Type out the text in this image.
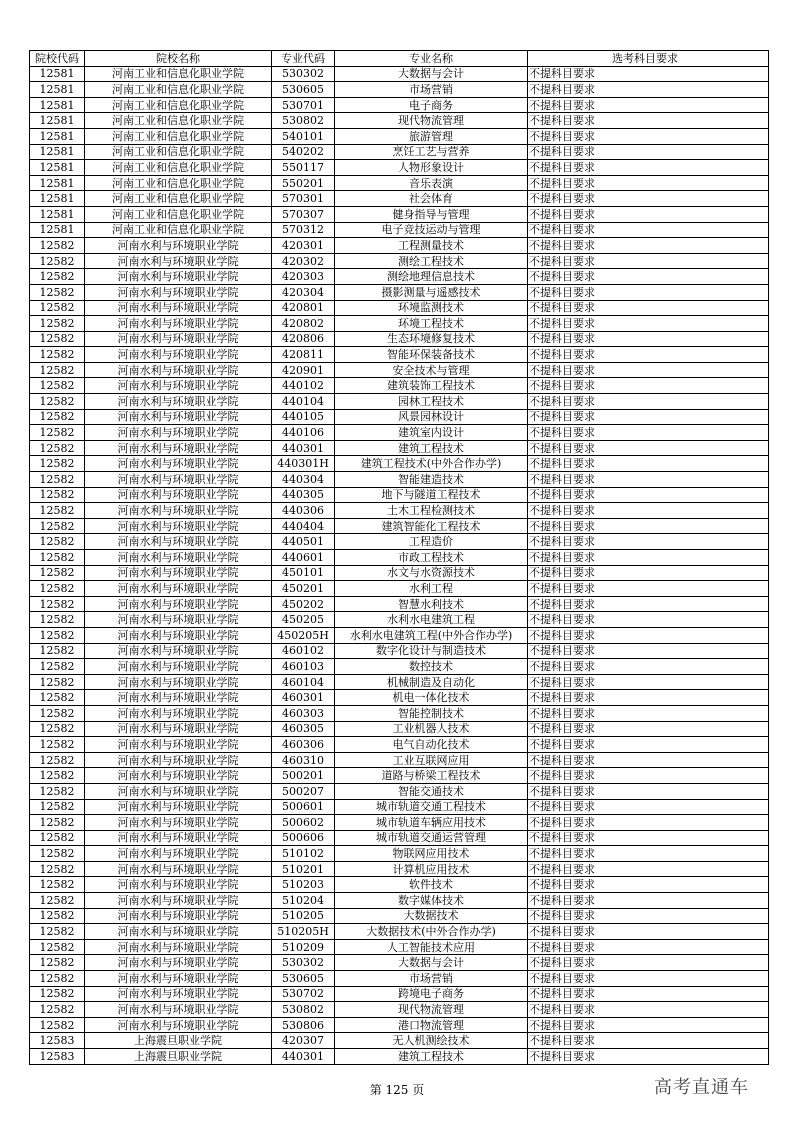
院校代码	院校名称	专业代码	专业名称	选考科目要求
12581	河南工业和信息化职业学院	530302	大数据与会计	不提科目要求
12581	河南工业和信息化职业学院	530605	市场营销	不提科目要求
12581	河南工业和信息化职业学院	530701	电子商务	不提科目要求
12581	河南工业和信息化职业学院	530802	现代物流管理	不提科目要求
12581	河南工业和信息化职业学院	540101	旅游管理	不提科目要求
12581	河南工业和信息化职业学院	540202	烹饪工艺与营养	不提科目要求
12581	河南工业和信息化职业学院	550117	人物形象设计	不提科目要求
12581	河南工业和信息化职业学院	550201	音乐表演	不提科目要求
12581	河南工业和信息化职业学院	570301	社会体育	不提科目要求
12581	河南工业和信息化职业学院	570307	健身指导与管理	不提科目要求
12581	河南工业和信息化职业学院	570312	电子竞技运动与管理	不提科目要求
12582	河南水利与环境职业学院	420301	工程测量技术	不提科目要求
12582	河南水利与环境职业学院	420302	测绘工程技术	不提科目要求
12582	河南水利与环境职业学院	420303	测绘地理信息技术	不提科目要求
12582	河南水利与环境职业学院	420304	摄影测量与遥感技术	不提科目要求
12582	河南水利与环境职业学院	420801	环境监测技术	不提科目要求
12582	河南水利与环境职业学院	420802	环境工程技术	不提科目要求
12582	河南水利与环境职业学院	420806	生态环境修复技术	不提科目要求
12582	河南水利与环境职业学院	420811	智能环保装备技术	不提科目要求
12582	河南水利与环境职业学院	420901	安全技术与管理	不提科目要求
12582	河南水利与环境职业学院	440102	建筑装饰工程技术	不提科目要求
12582	河南水利与环境职业学院	440104	园林工程技术	不提科目要求
12582	河南水利与环境职业学院	440105	风景园林设计	不提科目要求
12582	河南水利与环境职业学院	440106	建筑室内设计	不提科目要求
12582	河南水利与环境职业学院	440301	建筑工程技术	不提科目要求
12582	河南水利与环境职业学院	440301H	建筑工程技术(中外合作办学)	不提科目要求
12582	河南水利与环境职业学院	440304	智能建造技术	不提科目要求
12582	河南水利与环境职业学院	440305	地下与隧道工程技术	不提科目要求
12582	河南水利与环境职业学院	440306	土木工程检测技术	不提科目要求
12582	河南水利与环境职业学院	440404	建筑智能化工程技术	不提科目要求
12582	河南水利与环境职业学院	440501	工程造价	不提科目要求
12582	河南水利与环境职业学院	440601	市政工程技术	不提科目要求
12582	河南水利与环境职业学院	450101	水文与水资源技术	不提科目要求
12582	河南水利与环境职业学院	450201	水利工程	不提科目要求
12582	河南水利与环境职业学院	450202	智慧水利技术	不提科目要求
12582	河南水利与环境职业学院	450205	水利水电建筑工程	不提科目要求
12582	河南水利与环境职业学院	450205H	水利水电建筑工程(中外合作办学)	不提科目要求
12582	河南水利与环境职业学院	460102	数字化设计与制造技术	不提科目要求
12582	河南水利与环境职业学院	460103	数控技术	不提科目要求
12582	河南水利与环境职业学院	460104	机械制造及自动化	不提科目要求
12582	河南水利与环境职业学院	460301	机电一体化技术	不提科目要求
12582	河南水利与环境职业学院	460303	智能控制技术	不提科目要求
12582	河南水利与环境职业学院	460305	工业机器人技术	不提科目要求
12582	河南水利与环境职业学院	460306	电气自动化技术	不提科目要求
12582	河南水利与环境职业学院	460310	工业互联网应用	不提科目要求
12582	河南水利与环境职业学院	500201	道路与桥梁工程技术	不提科目要求
12582	河南水利与环境职业学院	500207	智能交通技术	不提科目要求
12582	河南水利与环境职业学院	500601	城市轨道交通工程技术	不提科目要求
12582	河南水利与环境职业学院	500602	城市轨道车辆应用技术	不提科目要求
12582	河南水利与环境职业学院	500606	城市轨道交通运营管理	不提科目要求
12582	河南水利与环境职业学院	510102	物联网应用技术	不提科目要求
12582	河南水利与环境职业学院	510201	计算机应用技术	不提科目要求
12582	河南水利与环境职业学院	510203	软件技术	不提科目要求
12582	河南水利与环境职业学院	510204	数字媒体技术	不提科目要求
12582	河南水利与环境职业学院	510205	大数据技术	不提科目要求
12582	河南水利与环境职业学院	510205H	大数据技术(中外合作办学)	不提科目要求
12582	河南水利与环境职业学院	510209	人工智能技术应用	不提科目要求
12582	河南水利与环境职业学院	530302	大数据与会计	不提科目要求
12582	河南水利与环境职业学院	530605	市场营销	不提科目要求
12582	河南水利与环境职业学院	530702	跨境电子商务	不提科目要求
12582	河南水利与环境职业学院	530802	现代物流管理	不提科目要求
12582	河南水利与环境职业学院	530806	港口物流管理	不提科目要求
12583	上海震旦职业学院	420307	无人机测绘技术	不提科目要求
12583	上海震旦职业学院	440301	建筑工程技术	不提科目要求
第 125 页	高考直通车
